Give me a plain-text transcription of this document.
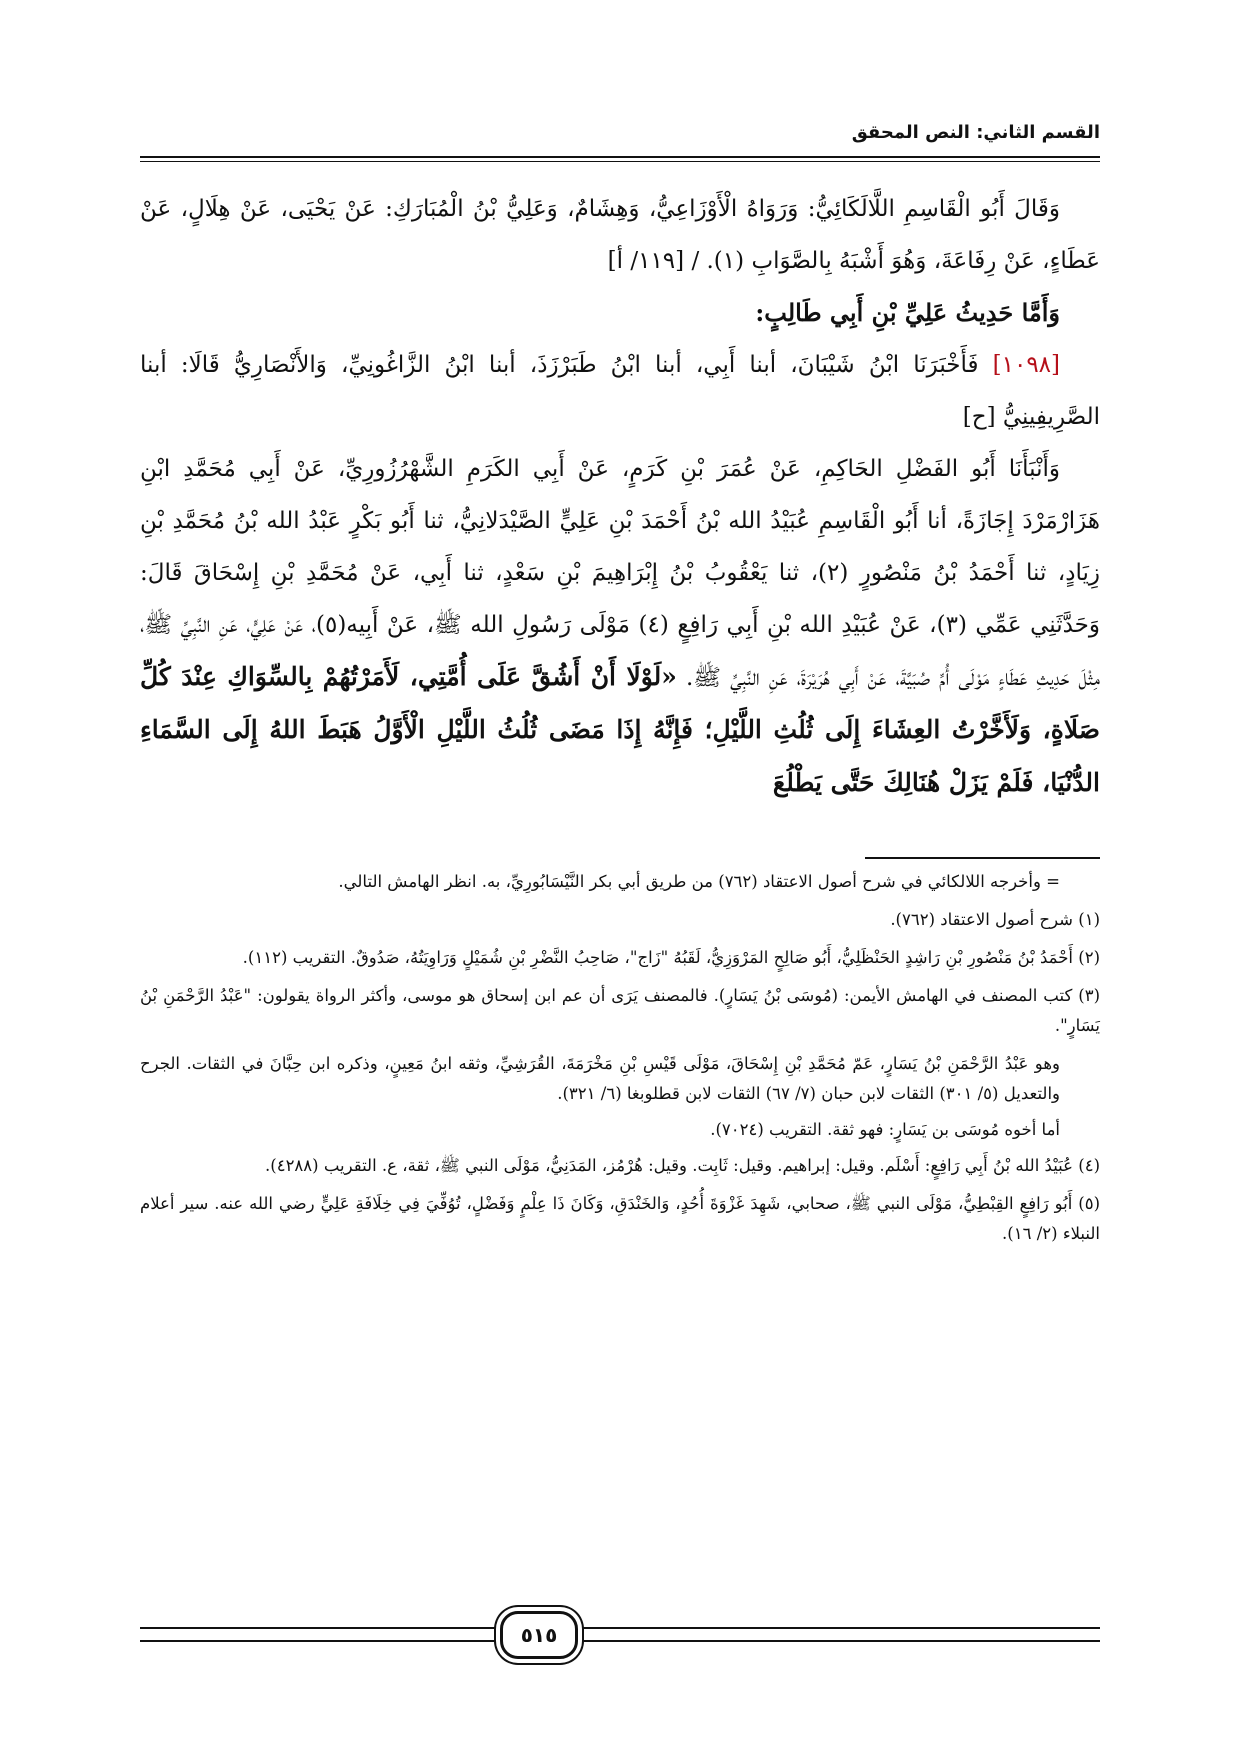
القسم الثاني: النص المحقق

وَقَالَ أَبُو الْقَاسِمِ اللَّالَكَائِيُّ: وَرَوَاهُ الْأَوْزَاعِيُّ، وَهِشَامٌ، وَعَلِيُّ بْنُ الْمُبَارَكِ: عَنْ يَحْيَى، عَنْ هِلَالٍ، عَنْ عَطَاءٍ، عَنْ رِفَاعَةَ، وَهُوَ أَشْبَهُ بِالصَّوَابِ (١). / [١١٩/ أ]

وَأَمَّا حَدِيثُ عَلِيِّ بْنِ أَبِي طَالِبٍ:

[١٠٩٨] فَأَخْبَرَنَا ابْنُ شَيْبَانَ، أبنا أَبِي، أبنا ابْنُ طَبَرْزَذَ، أبنا ابْنُ الزَّاغُونِيِّ، وَالأَنْصَارِيُّ قَالَا: أبنا الصَّرِيفِينِيُّ [ح]

وَأَنْبَأَنَا أَبُو الفَضْلِ الحَاكِمِ، عَنْ عُمَرَ بْنِ كَرَمٍ، عَنْ أَبِي الكَرَمِ الشَّهْرُزُورِيِّ، عَنْ أَبِي مُحَمَّدِ ابْنِ هَزَارْمَرْدَ إِجَازَةً، أنا أَبُو الْقَاسِمِ عُبَيْدُ الله بْنُ أَحْمَدَ بْنِ عَلِيٍّ الصَّيْدَلانِيُّ، ثنا أَبُو بَكْرٍ عَبْدُ الله بْنُ مُحَمَّدِ بْنِ زِيَادٍ، ثنا أَحْمَدُ بْنُ مَنْصُورٍ (٢)، ثنا يَعْقُوبُ بْنُ إِبْرَاهِيمَ بْنِ سَعْدٍ، ثنا أَبِي، عَنْ مُحَمَّدِ بْنِ إِسْحَاقَ قَالَ: وَحَدَّثَنِي عَمِّي (٣)، عَنْ عُبَيْدِ الله بْنِ أَبِي رَافِعٍ (٤) مَوْلَى رَسُولِ الله ﷺ، عَنْ أَبِيه(٥)، عَنْ عَلِيٍّ، عَنِ النَّبِيِّ ﷺ، مِثْلَ حَدِيثِ عَطَاءٍ مَوْلَى أُمِّ صُبَيَّةَ، عَنْ أَبِي هُرَيْرَةَ، عَنِ النَّبِيِّ ﷺ. «لَوْلَا أَنْ أَشُقَّ عَلَى أُمَّتِي، لَأَمَرْتُهُمْ بِالسِّوَاكِ عِنْدَ كُلِّ صَلَاةٍ، وَلَأَخَّرْتُ العِشَاءَ إِلَى ثُلُثِ اللَّيْلِ؛ فَإِنَّهُ إِذَا مَضَى ثُلُثُ اللَّيْلِ الْأَوَّلُ هَبَطَ اللهُ إِلَى السَّمَاءِ الدُّنْيَا، فَلَمْ يَزَلْ هُنَالِكَ حَتَّى يَطْلُعَ

= وأخرجه اللالكائي في شرح أصول الاعتقاد (٧٦٢) من طريق أبي بكر النَّيْسَابُورِيِّ، به. انظر الهامش التالي.

(١) شرح أصول الاعتقاد (٧٦٢).

(٢) أَحْمَدُ بْنُ مَنْصُورِ بْنِ رَاشِدٍ الحَنْظَلِيُّ، أَبُو صَالِحٍ المَرْوَزِيُّ، لَقَبُهُ "زَاج"، صَاحِبُ النَّضْرِ بْنِ شُمَيْلٍ وَرَاوِيَتُهُ، صَدُوقٌ. التقريب (١١٢).

(٣) كتب المصنف في الهامش الأيمن: (مُوسَى بْنُ يَسَارٍ). فالمصنف يَرَى أن عم ابن إسحاق هو موسى، وأكثر الرواة يقولون: "عَبْدُ الرَّحْمَنِ بْنُ يَسَارٍ".

وهو عَبْدُ الرَّحْمَنِ بْنُ يَسَارٍ، عَمّ مُحَمَّدِ بْنِ إِسْحَاقَ، مَوْلَى قَيْسِ بْنِ مَخْرَمَةَ، القُرَشِيِّ، وثقه ابنُ مَعِينٍ، وذكره ابن حِبَّانَ في الثقات. الجرح والتعديل (٥/ ٣٠١) الثقات لابن حبان (٧/ ٦٧) الثقات لابن قطلوبغا (٦/ ٣٢١).

أما أخوه مُوسَى بن يَسَارٍ: فهو ثقة. التقريب (٧٠٢٤).

(٤) عُبَيْدُ الله بْنُ أَبِي رَافِعٍ: أَسْلَم. وقيل: إبراهيم. وقيل: ثَابِت. وقيل: هُرْمُز، المَدَنِيُّ، مَوْلَى النبي ﷺ، ثقة، ع. التقريب (٤٢٨٨).

(٥) أَبُو رَافِعٍ القِبْطِيُّ، مَوْلَى النبي ﷺ، صحابي، شَهِدَ غَزْوَةَ أُحُدٍ، وَالخَنْدَقِ، وَكَانَ ذَا عِلْمٍ وَفَضْلٍ، تُوُفِّيَ فِي خِلَافَةِ عَلِيٍّ رضي الله عنه. سير أعلام النبلاء (٢/ ١٦).

٥١٥
